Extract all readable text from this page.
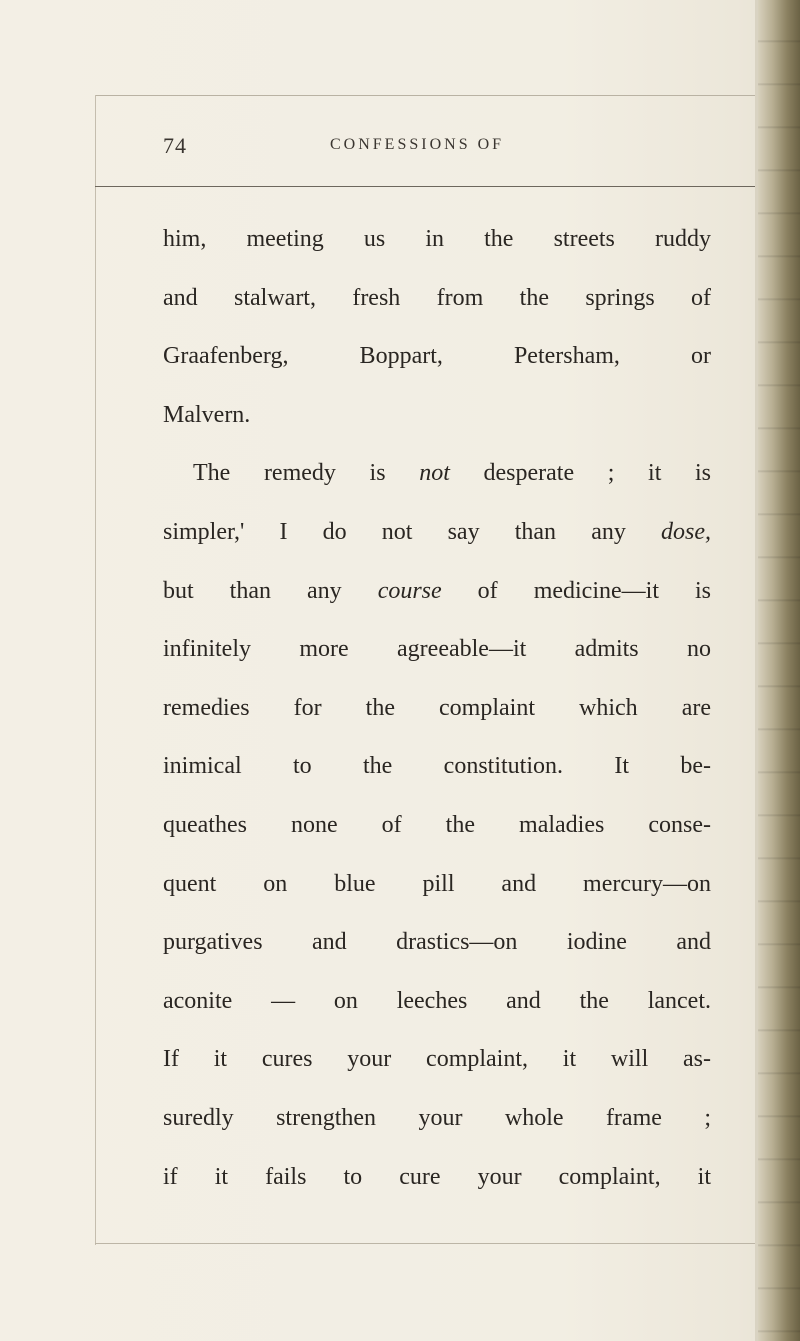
74	CONFESSIONS OF
him, meeting us in the streets ruddy
and stalwart, fresh from the springs of
Graafenberg, Boppart, Petersham, or
Malvern.
The remedy is not desperate ; it is
simpler,' I do not say than any dose,
but than any course of medicine—it is
infinitely more agreeable—it admits no
remedies for the complaint which are
inimical to the constitution. It be-
queathes none of the maladies conse-
quent on blue pill and mercury—on
purgatives and drastics—on iodine and
aconite — on leeches and the lancet.
If it cures your complaint, it will as-
suredly strengthen your whole frame ;
if it fails to cure your complaint, it
